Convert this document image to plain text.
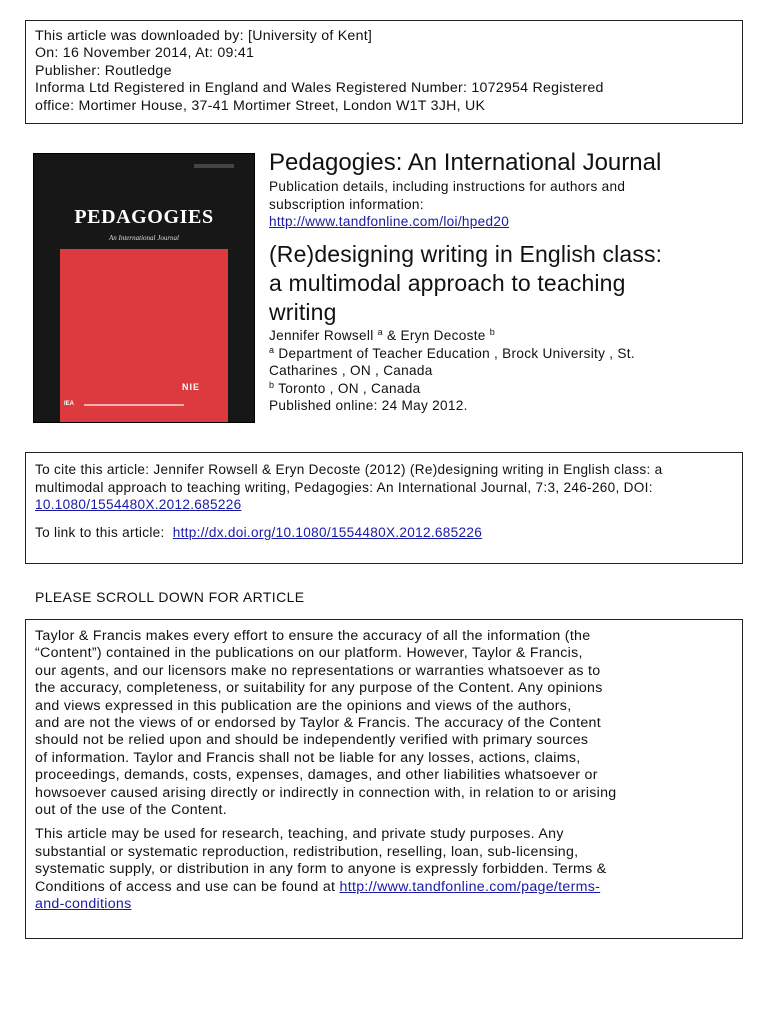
This article was downloaded by: [University of Kent]
On: 16 November 2014, At: 09:41
Publisher: Routledge
Informa Ltd Registered in England and Wales Registered Number: 1072954 Registered
office: Mortimer House, 37-41 Mortimer Street, London W1T 3JH, UK
PEDAGOGIES
An International Journal
NIE
IEA
Pedagogies: An International Journal
Publication details, including instructions for authors and
subscription information:
http://www.tandfonline.com/loi/hped20
(Re)designing writing in English class:
a multimodal approach to teaching
writing
Jennifer Rowsell $^a$ & Eryn Decoste $^b$
$^a$ Department of Teacher Education , Brock University , St.
Catharines , ON , Canada
$^b$ Toronto , ON , Canada
Published online: 24 May 2012.
To cite this article: Jennifer Rowsell & Eryn Decoste (2012) (Re)designing writing in English class: a
multimodal approach to teaching writing, Pedagogies: An International Journal, 7:3, 246-260, DOI:
10.1080/1554480X.2012.685226
To link to this article: http://dx.doi.org/10.1080/1554480X.2012.685226
PLEASE SCROLL DOWN FOR ARTICLE
Taylor & Francis makes every effort to ensure the accuracy of all the information (the
“Content”) contained in the publications on our platform. However, Taylor & Francis,
our agents, and our licensors make no representations or warranties whatsoever as to
the accuracy, completeness, or suitability for any purpose of the Content. Any opinions
and views expressed in this publication are the opinions and views of the authors,
and are not the views of or endorsed by Taylor & Francis. The accuracy of the Content
should not be relied upon and should be independently verified with primary sources
of information. Taylor and Francis shall not be liable for any losses, actions, claims,
proceedings, demands, costs, expenses, damages, and other liabilities whatsoever or
howsoever caused arising directly or indirectly in connection with, in relation to or arising
out of the use of the Content.
This article may be used for research, teaching, and private study purposes. Any
substantial or systematic reproduction, redistribution, reselling, loan, sub-licensing,
systematic supply, or distribution in any form to anyone is expressly forbidden. Terms &
Conditions of access and use can be found at http://www.tandfonline.com/page/terms-
and-conditions
